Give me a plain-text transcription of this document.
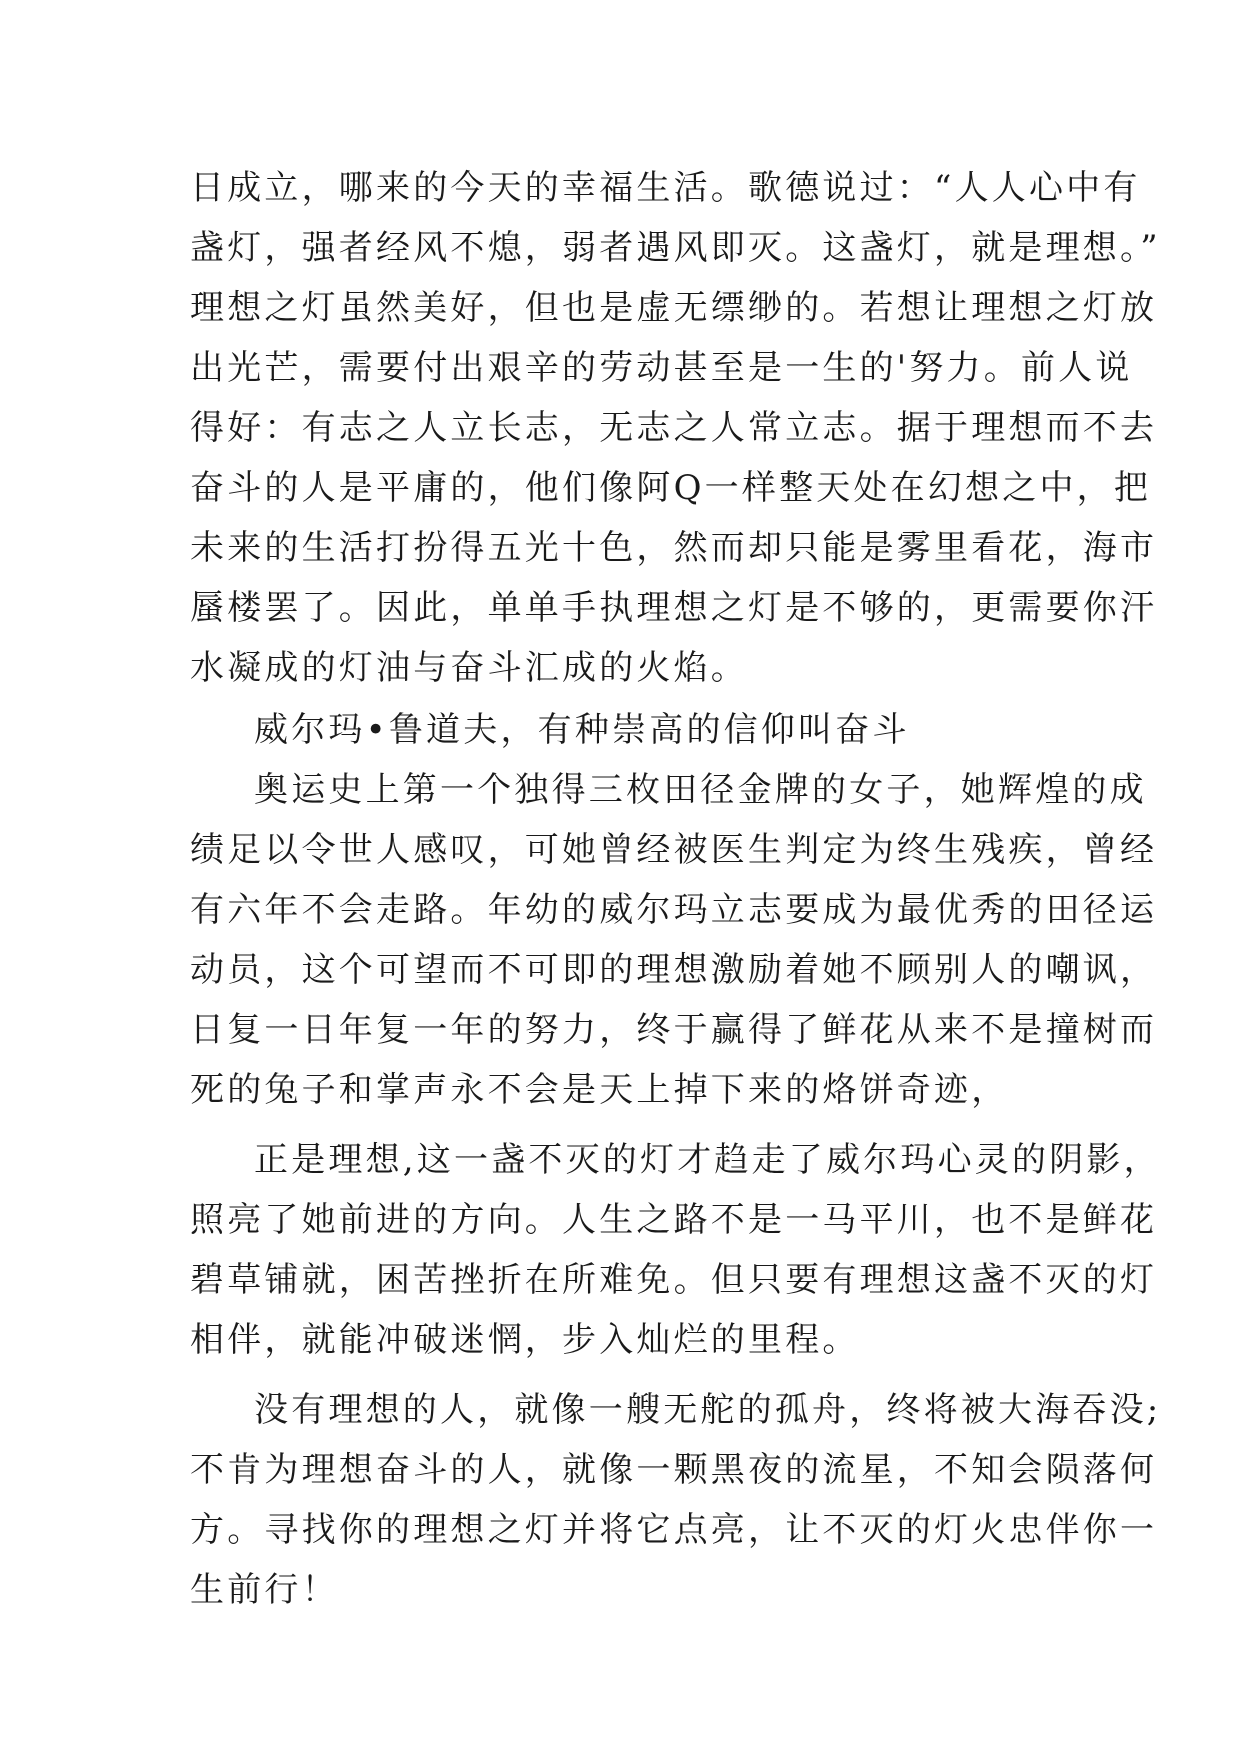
日成立，哪来的今天的幸福生活。歌德说过：“人人心中有
盏灯，强者经风不熄，弱者遇风即灭。这盏灯，就是理想。”
理想之灯虽然美好，但也是虚无缥缈的。若想让理想之灯放
出光芒，需要付出艰辛的劳动甚至是一生的'努力。前人说
得好：有志之人立长志，无志之人常立志。据于理想而不去
奋斗的人是平庸的，他们像阿Q一样整天处在幻想之中，把
未来的生活打扮得五光十色，然而却只能是雾里看花，海市
蜃楼罢了。因此，单单手执理想之灯是不够的，更需要你汗
水凝成的灯油与奋斗汇成的火焰。
威尔玛•鲁道夫，有种崇高的信仰叫奋斗
奥运史上第一个独得三枚田径金牌的女子，她辉煌的成
绩足以令世人感叹，可她曾经被医生判定为终生残疾，曾经
有六年不会走路。年幼的威尔玛立志要成为最优秀的田径运
动员，这个可望而不可即的理想激励着她不顾别人的嘲讽，
日复一日年复一年的努力，终于赢得了鲜花从来不是撞树而
死的兔子和掌声永不会是天上掉下来的烙饼奇迹，
正是理想,这一盏不灭的灯才趋走了威尔玛心灵的阴影，
照亮了她前进的方向。人生之路不是一马平川，也不是鲜花
碧草铺就，困苦挫折在所难免。但只要有理想这盏不灭的灯
相伴，就能冲破迷惘，步入灿烂的里程。
没有理想的人，就像一艘无舵的孤舟，终将被大海吞没;
不肯为理想奋斗的人，就像一颗黑夜的流星，不知会陨落何
方。寻找你的理想之灯并将它点亮，让不灭的灯火忠伴你一
生前行！
